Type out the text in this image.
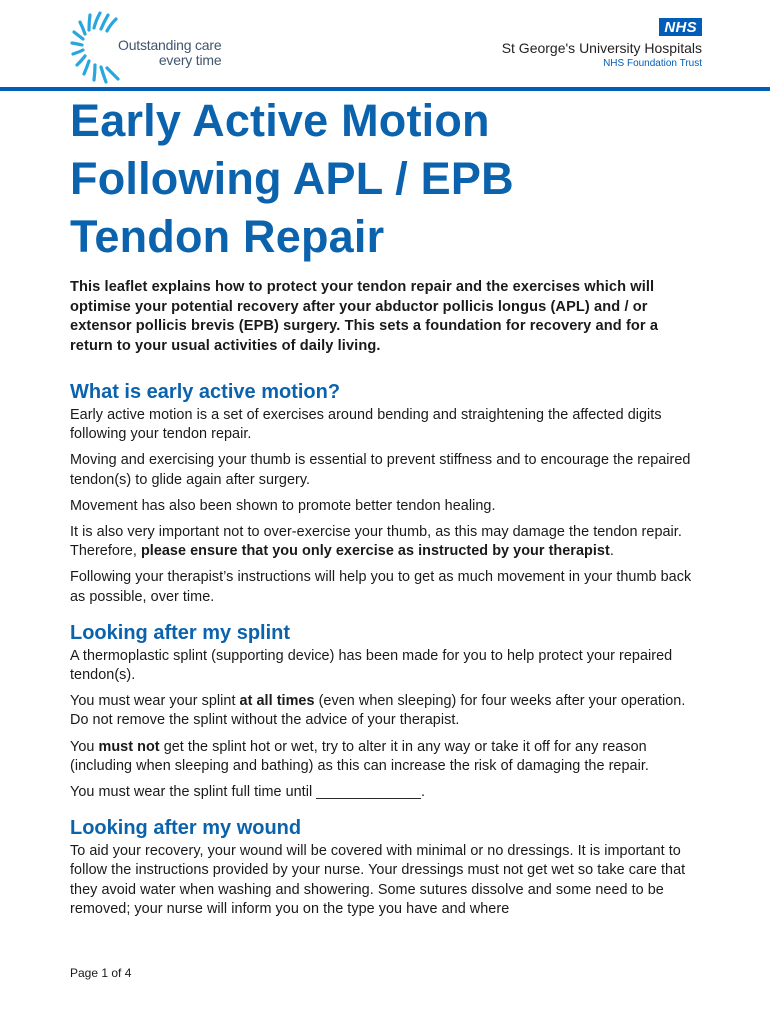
Outstanding care
every time
NHS
St George's University Hospitals
NHS Foundation Trust
Early Active Motion
Following APL / EPB
Tendon Repair

This leaflet explains how to protect your tendon repair and the exercises which will optimise your potential recovery after your abductor pollicis longus (APL) and / or extensor pollicis brevis (EPB) surgery. This sets a foundation for recovery and for a return to your usual activities of daily living.

What is early active motion?

Early active motion is a set of exercises around bending and straightening the affected digits following your tendon repair.

Moving and exercising your thumb is essential to prevent stiffness and to encourage the repaired tendon(s) to glide again after surgery.

Movement has also been shown to promote better tendon healing.

It is also very important not to over-exercise your thumb, as this may damage the tendon repair. Therefore, please ensure that you only exercise as instructed by your therapist.

Following your therapist’s instructions will help you to get as much movement in your thumb back as possible, over time.

Looking after my splint

A thermoplastic splint (supporting device) has been made for you to help protect your repaired tendon(s).

You must wear your splint at all times (even when sleeping) for four weeks after your operation. Do not remove the splint without the advice of your therapist.

You must not get the splint hot or wet, try to alter it in any way or take it off for any reason (including when sleeping and bathing) as this can increase the risk of damaging the repair.

You must wear the splint full time until _____________.

Looking after my wound

To aid your recovery, your wound will be covered with minimal or no dressings. It is important to follow the instructions provided by your nurse. Your dressings must not get wet so take care that they avoid water when washing and showering. Some sutures dissolve and some need to be removed; your nurse will inform you on the type you have and where

Page 1 of 4
